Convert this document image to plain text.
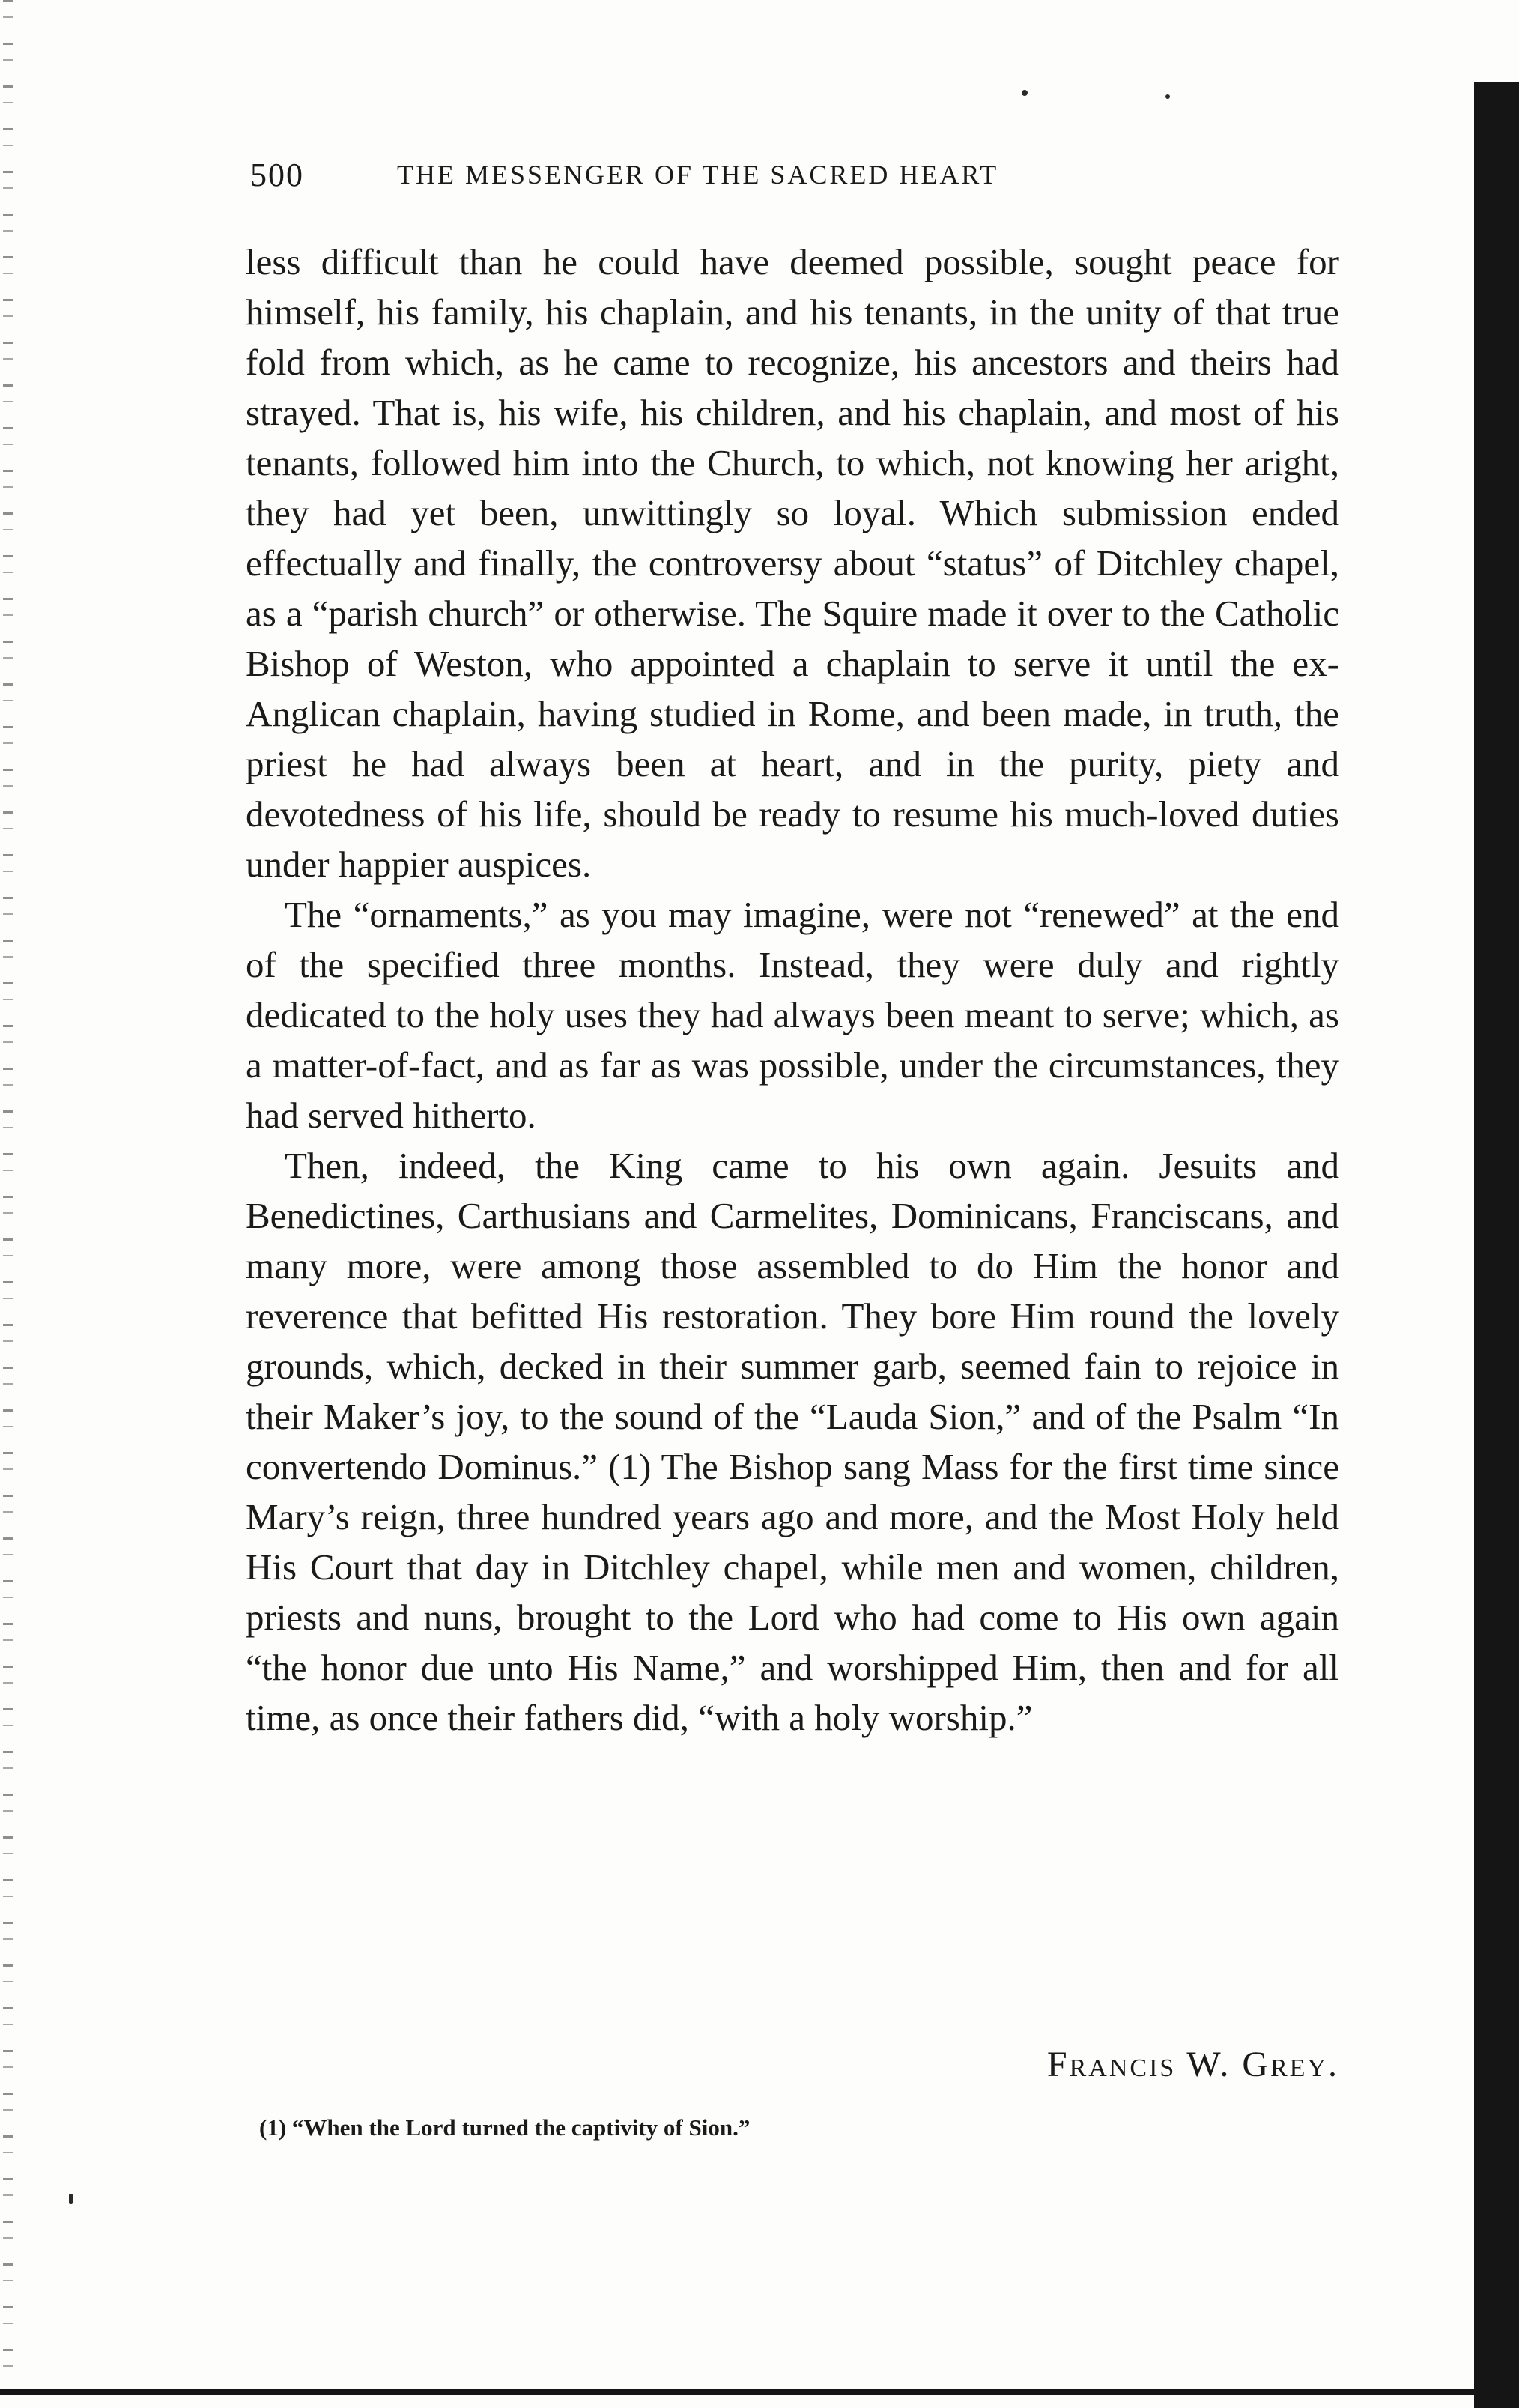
500	THE MESSENGER OF THE SACRED HEART

less difficult than he could have deemed possible, sought peace for himself, his family, his chaplain, and his tenants, in the unity of that true fold from which, as he came to recognize, his ancestors and theirs had strayed. That is, his wife, his children, and his chaplain, and most of his tenants, followed him into the Church, to which, not knowing her aright, they had yet been, unwittingly so loyal. Which submission ended effectually and finally, the controversy about “status” of Ditchley chapel, as a “parish church” or otherwise. The Squire made it over to the Catholic Bishop of Weston, who appointed a chaplain to serve it until the ex-Anglican chaplain, having studied in Rome, and been made, in truth, the priest he had always been at heart, and in the purity, piety and devotedness of his life, should be ready to resume his much-loved duties under happier auspices.

The “ornaments,” as you may imagine, were not “renewed” at the end of the specified three months. Instead, they were duly and rightly dedicated to the holy uses they had always been meant to serve; which, as a matter-of-fact, and as far as was possible, under the circumstances, they had served hitherto.

Then, indeed, the King came to his own again. Jesuits and Benedictines, Carthusians and Carmelites, Dominicans, Franciscans, and many more, were among those assembled to do Him the honor and reverence that befitted His restoration. They bore Him round the lovely grounds, which, decked in their summer garb, seemed fain to rejoice in their Maker’s joy, to the sound of the “Lauda Sion,” and of the Psalm “In convertendo Dominus.” (1) The Bishop sang Mass for the first time since Mary’s reign, three hundred years ago and more, and the Most Holy held His Court that day in Ditchley chapel, while men and women, children, priests and nuns, brought to the Lord who had come to His own again “the honor due unto His Name,” and worshipped Him, then and for all time, as once their fathers did, “with a holy worship.”

Francis W. Grey.
(1) “When the Lord turned the captivity of Sion.”
